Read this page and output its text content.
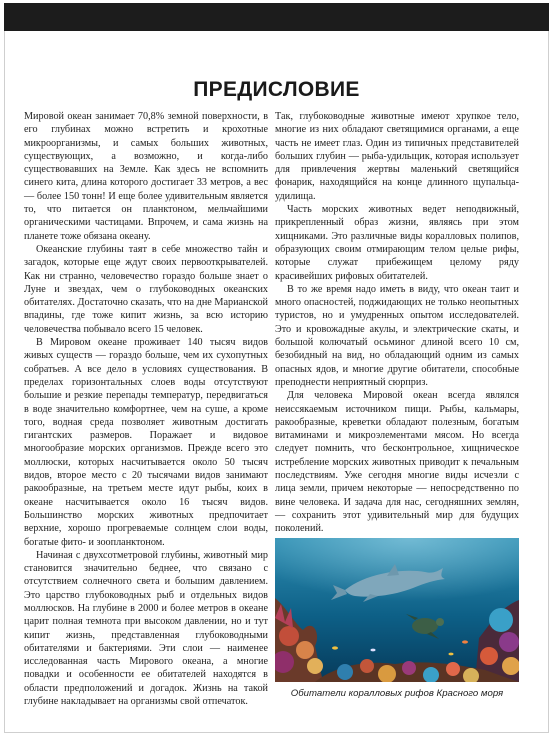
ПРЕДИСЛОВИЕ

Мировой океан занимает 70,8% земной поверхности, в его глубинах можно встретить и крохотные микроорганизмы, и самых больших животных, существующих, а возможно, и когда-либо существовавших на Земле. Как здесь не вспомнить синего кита, длина которого достигает 33 метров, а вес — более 150 тонн! И еще более удивительным является то, что питается он планктоном, мельчайшими органическими частицами. Впрочем, и сама жизнь на планете тоже обязана океану.

Океанские глубины таят в себе множество тайн и загадок, которые еще ждут своих первооткрывателей. Как ни странно, человечество гораздо больше знает о Луне и звездах, чем о глубоководных океанских обитателях. Достаточно сказать, что на дне Марианской впадины, где тоже кипит жизнь, за всю историю человечества побывало всего 15 человек.

В Мировом океане проживает 140 тысяч видов живых существ — гораздо больше, чем их сухопутных собратьев. А все дело в условиях существования. В пределах горизонтальных слоев воды отсутствуют большие и резкие перепады температур, передвигаться в воде значительно комфортнее, чем на суше, а кроме того, водная среда позволяет животным достигать гигантских размеров. Поражает и видовое многообразие морских организмов. Прежде всего это моллюски, которых насчитывается около 50 тысяч видов, второе место с 20 тысячами видов занимают ракообразные, на третьем месте идут рыбы, коих в океане насчитывается около 16 тысяч видов. Большинство морских животных предпочитает верхние, хорошо прогреваемые солнцем слои воды, богатые фито- и зоопланктоном.

Начиная с двухсотметровой глубины, животный мир становится значительно беднее, что связано с отсутствием солнечного света и большим давлением. Это царство глубоководных рыб и отдельных видов моллюсков. На глубине в 2000 и более метров в океане царит полная темнота при высоком давлении, но и тут кипит жизнь, представленная глубоководными обитателями и бактериями. Эти слои — наименее исследованная часть Мирового океана, а многие повадки и особенности ее обитателей находятся в области предположений и догадок. Жизнь на такой глубине накладывает на организмы свой отпечаток.

Так, глубоководные животные имеют хрупкое тело, многие из них обладают светящимися органами, а еще часть не имеет глаз. Один из типичных представителей больших глубин — рыба-удильщик, которая использует для привлечения жертвы маленький светящийся фонарик, находящийся на конце длинного щупальца-удилища.

Часть морских животных ведет неподвижный, прикрепленный образ жизни, являясь при этом хищниками. Это различные виды коралловых полипов, образующих своим отмирающим телом целые рифы, которые служат прибежищем целому ряду красивейших рифовых обитателей.

В то же время надо иметь в виду, что океан таит и много опасностей, поджидающих не только неопытных туристов, но и умудренных опытом исследователей. Это и кровожадные акулы, и электрические скаты, и большой колючатый осьминог длиной всего 10 см, безобидный на вид, но обладающий одним из самых опасных ядов, и многие другие обитатели, способные преподнести неприятный сюрприз.

Для человека Мировой океан всегда являлся неиссякаемым источником пищи. Рыбы, кальмары, ракообразные, креветки обладают полезным, богатым витаминами и микроэлементами мясом. Но всегда следует помнить, что бесконтрольное, хищническое истребление морских животных приводит к печальным последствиям. Уже сегодня многие виды исчезли с лица земли, причем некоторые — непосредственно по вине человека. И задача для нас, сегодняшних землян, — сохранить этот удивительный мир для будущих поколений.

Обитатели коралловых рифов Красного моря
